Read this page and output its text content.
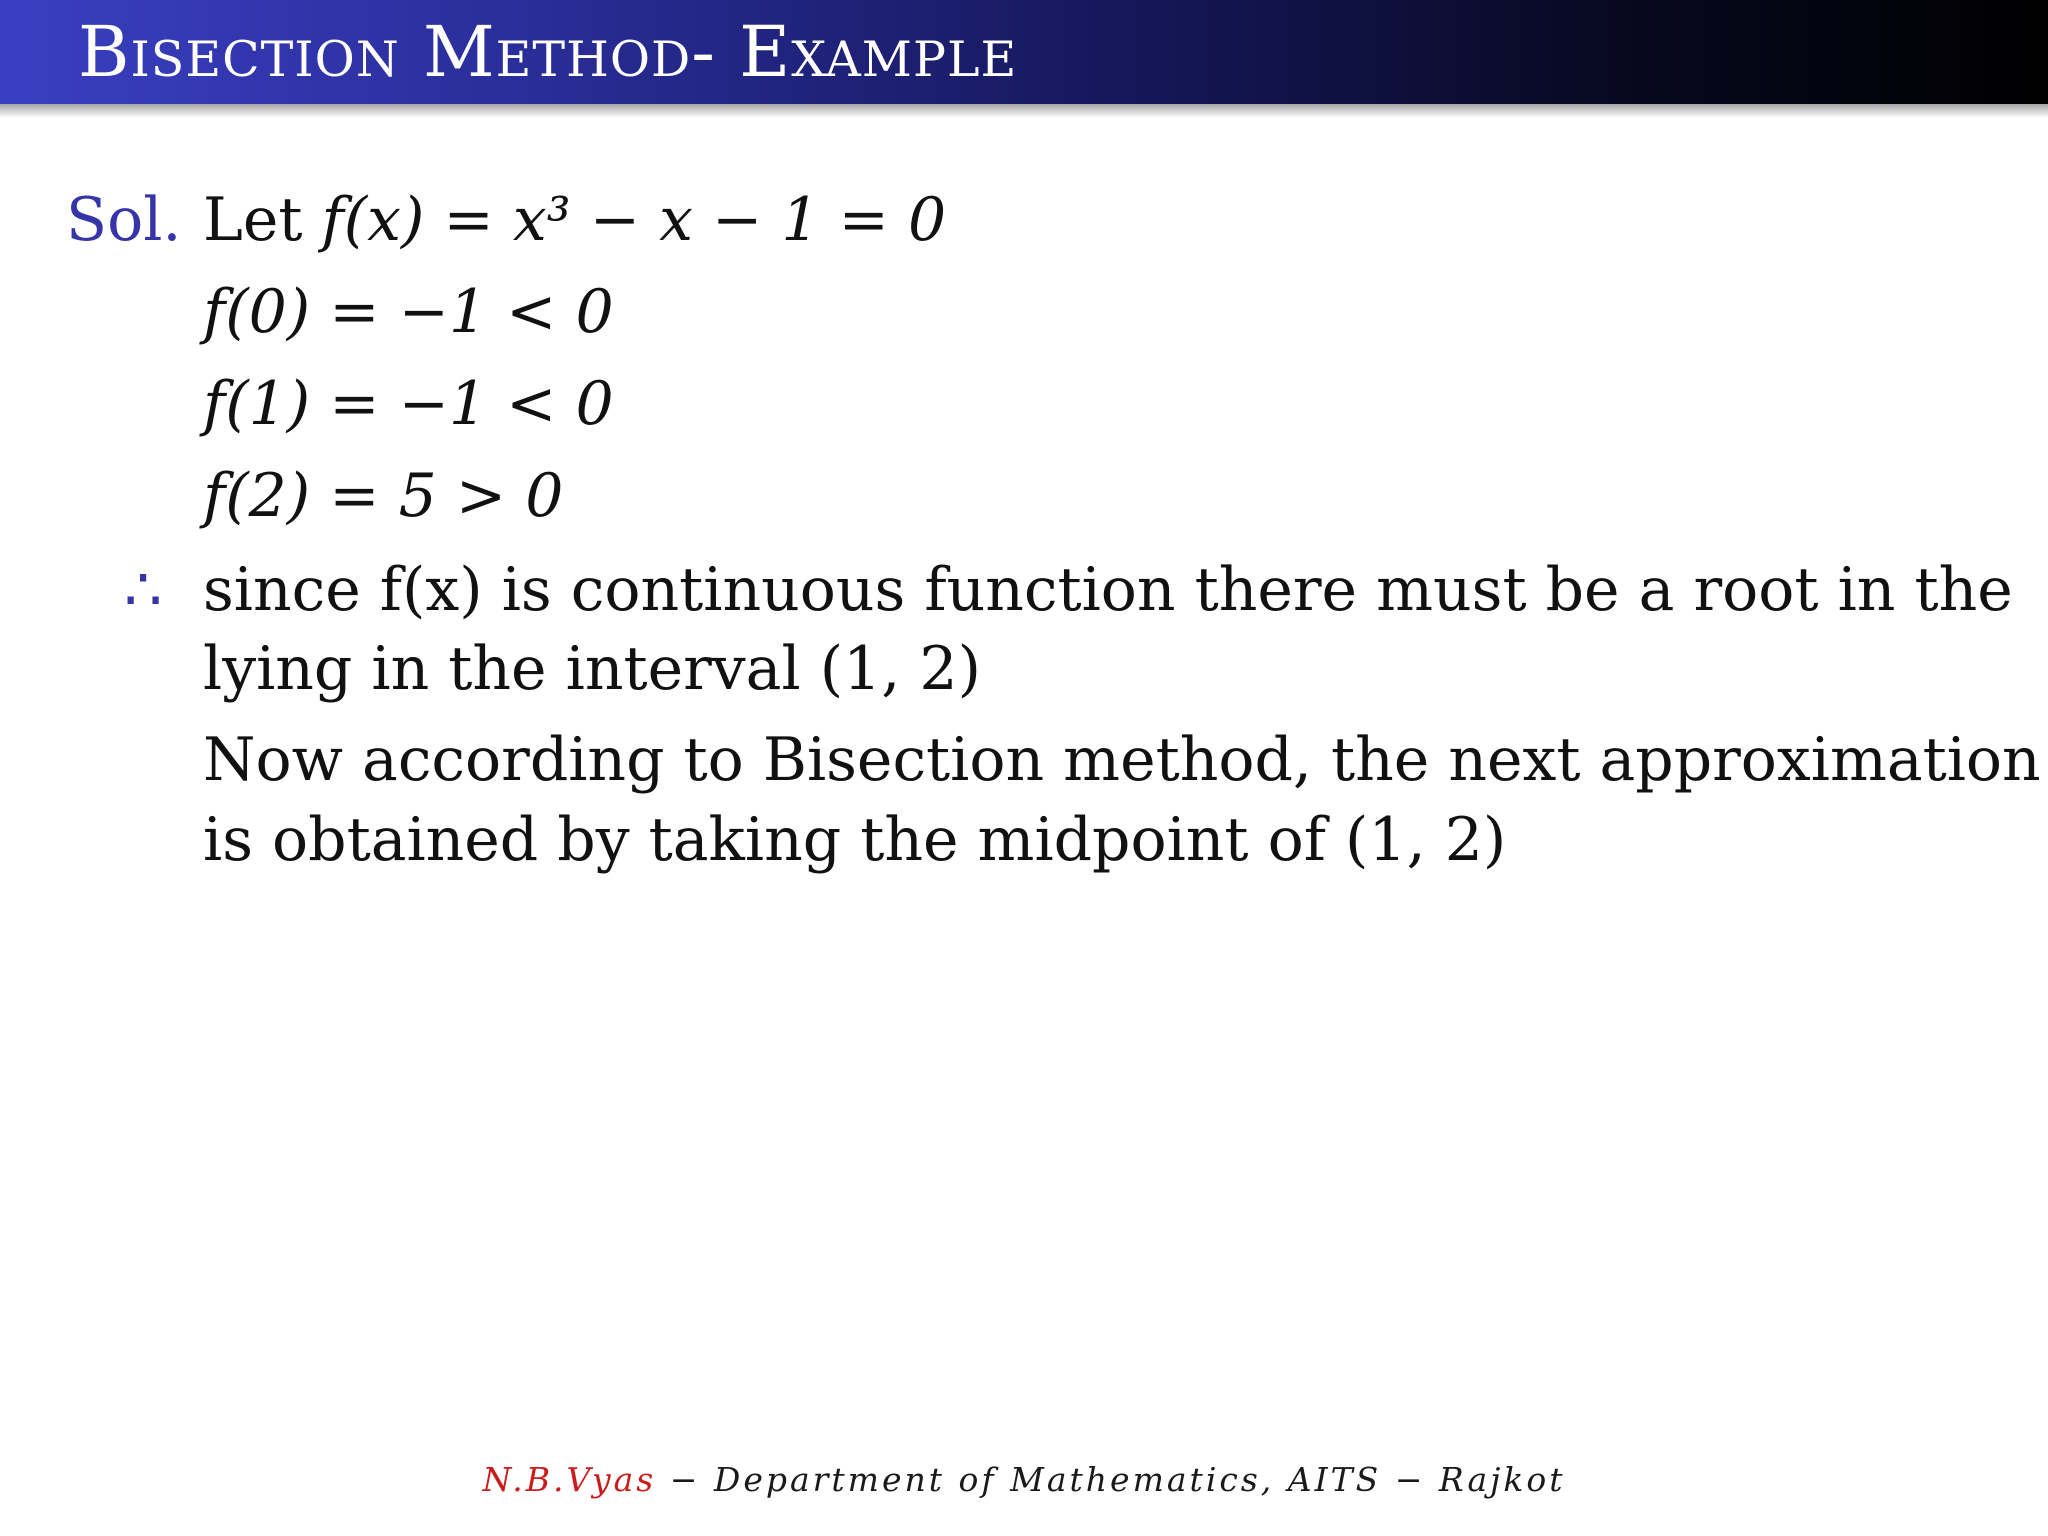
Bisection Method- Example
Sol. Let f(x) = x³ − x − 1 = 0
f(0) = −1 < 0
f(1) = −1 < 0
f(2) = 5 > 0
∴ since f(x) is continuous function there must be a root in the
lying in the interval (1, 2)
Now according to Bisection method, the next approximation
is obtained by taking the midpoint of (1, 2)
N.B.Vyas − Department of Mathematics, AITS − Rajkot
